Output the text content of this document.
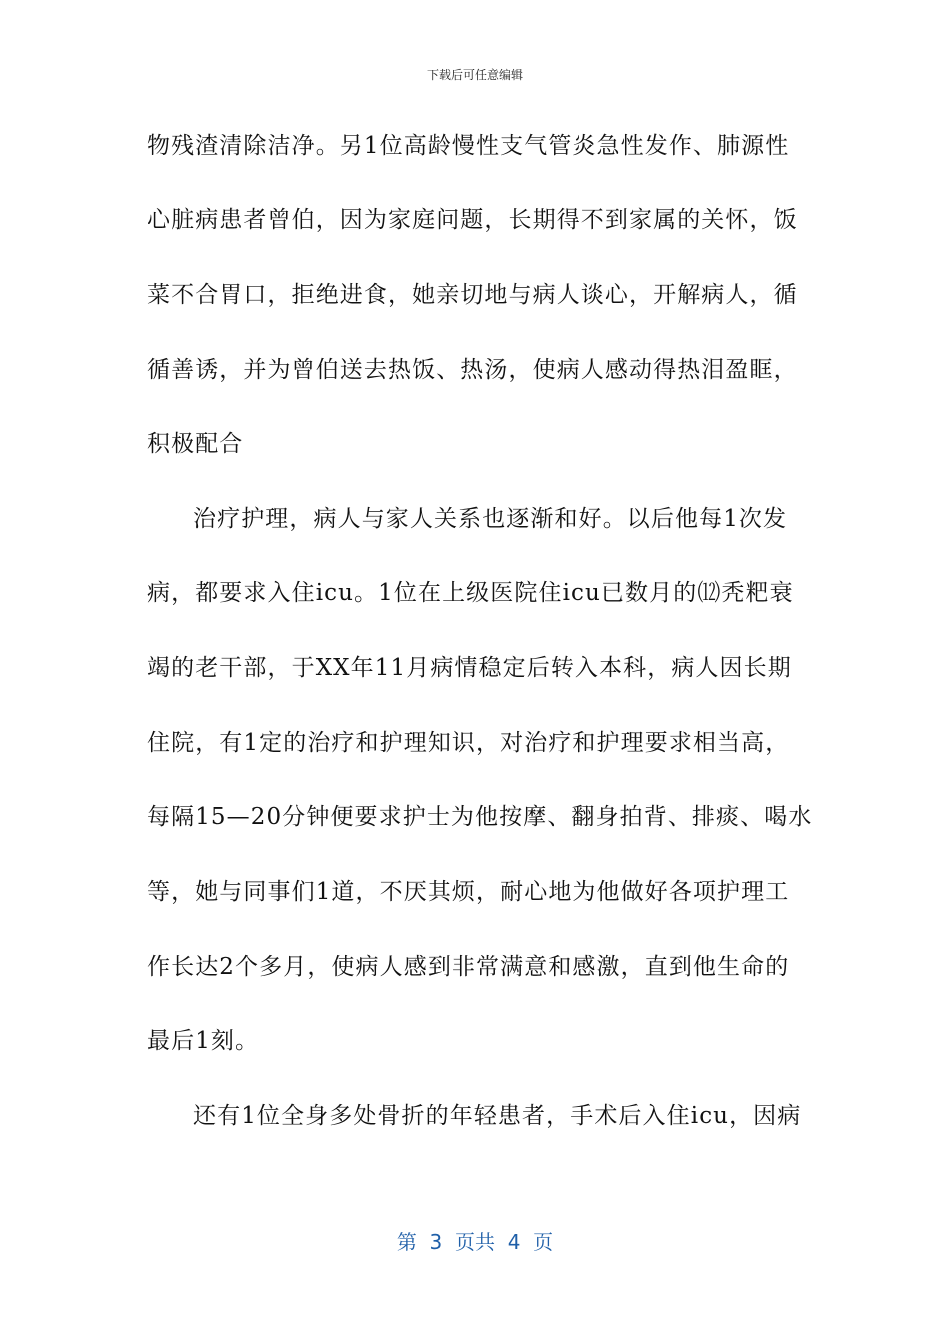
下载后可任意编辑
物残渣清除洁净。另1位高龄慢性支气管炎急性发作、肺源性
心脏病患者曾伯，因为家庭问题，长期得不到家属的关怀，饭
菜不合胃口，拒绝进食，她亲切地与病人谈心，开解病人，循
循善诱，并为曾伯送去热饭、热汤，使病人感动得热泪盈眶，
积极配合
治疗护理，病人与家人关系也逐渐和好。以后他每1次发
病，都要求入住icu。1位在上级医院住icu已数月的⑿秃粑衰
竭的老干部，于XX年11月病情稳定后转入本科，病人因长期
住院，有1定的治疗和护理知识，对治疗和护理要求相当高，
每隔15—20分钟便要求护士为他按摩、翻身拍背、排痰、喝水
等，她与同事们1道，不厌其烦，耐心地为他做好各项护理工
作长达2个多月，使病人感到非常满意和感激，直到他生命的
最后1刻。
还有1位全身多处骨折的年轻患者，手术后入住icu，因病
第  3  页共  4  页
